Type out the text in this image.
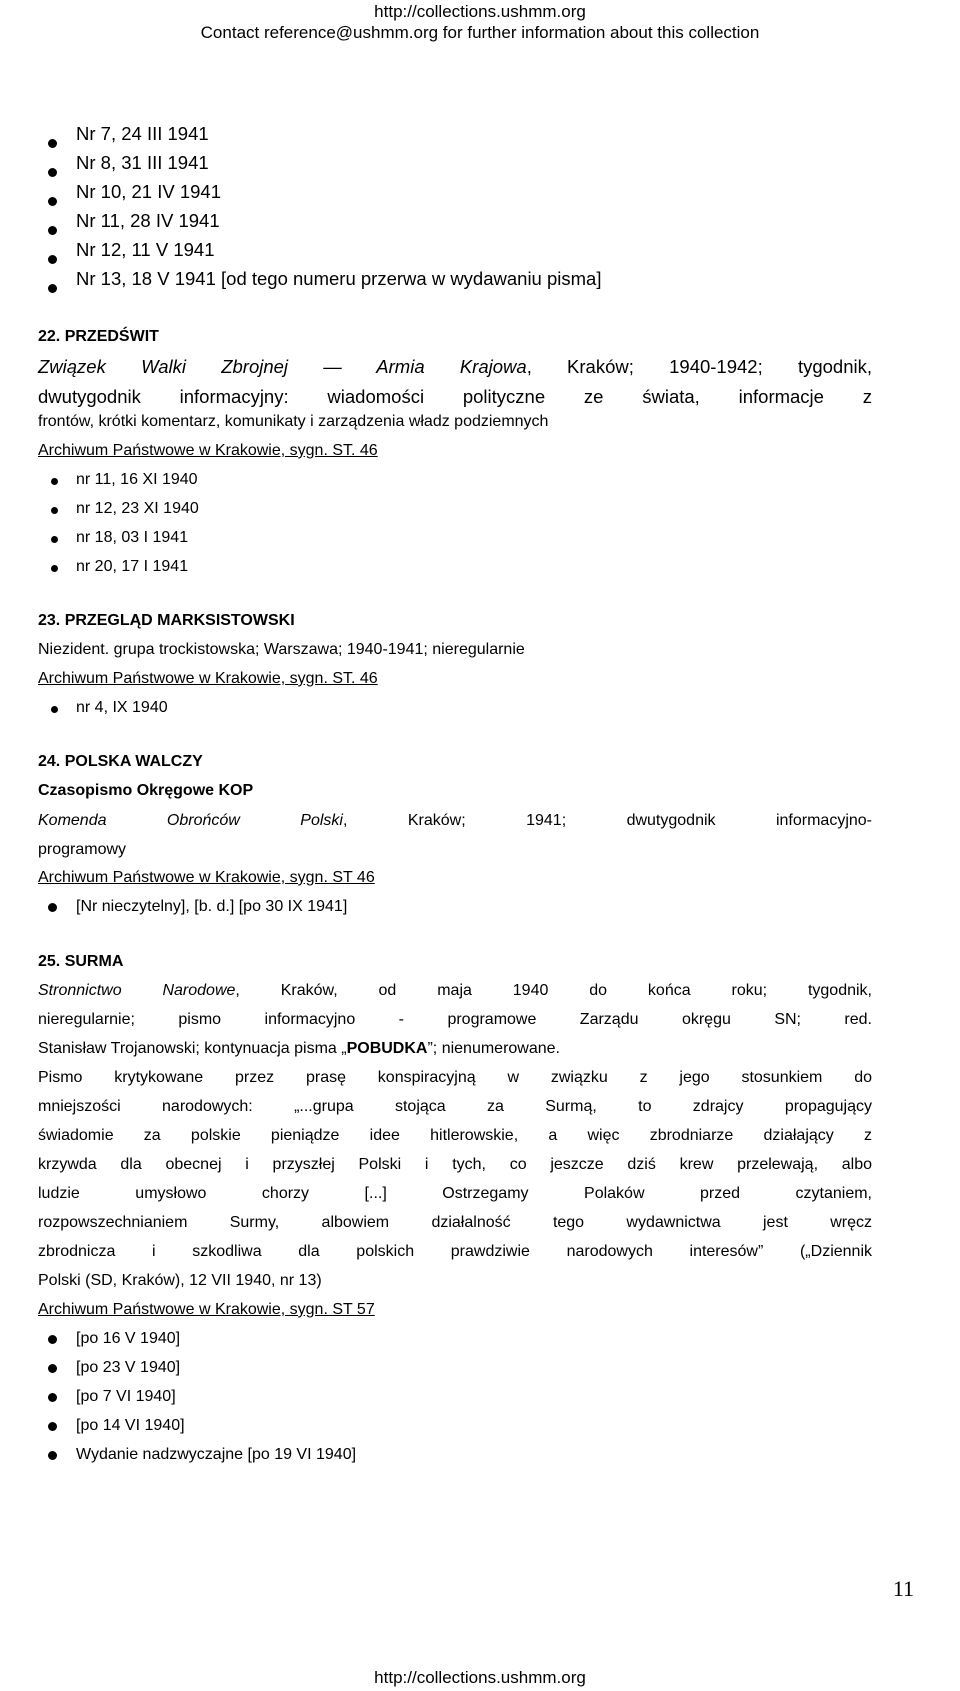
http://collections.ushmm.org
Contact reference@ushmm.org for further information about this collection
Nr 7, 24 III 1941
Nr 8, 31 III 1941
Nr 10, 21 IV 1941
Nr 11, 28 IV 1941
Nr 12, 11 V 1941
Nr 13, 18 V 1941 [od tego numeru przerwa w wydawaniu pisma]
22. PRZEDŚWIT
Związek Walki Zbrojnej — Armia Krajowa, Kraków; 1940-1942; tygodnik,
dwutygodnik informacyjny: wiadomości polityczne ze świata, informacje z
frontów, krótki komentarz, komunikaty i zarządzenia władz podziemnych
Archiwum Państwowe w Krakowie, sygn. ST. 46
nr 11, 16 XI 1940
nr 12, 23 XI 1940
nr 18, 03 I 1941
nr 20, 17 I 1941
23. PRZEGLĄD MARKSISTOWSKI
Niezident. grupa trockistowska; Warszawa; 1940-1941; nieregularnie
Archiwum Państwowe w Krakowie, sygn. ST. 46
nr 4, IX 1940
24. POLSKA WALCZY
Czasopismo Okręgowe KOP
Komenda Obrońców Polski, Kraków; 1941; dwutygodnik informacyjno-
programowy
Archiwum Państwowe w Krakowie, sygn. ST 46
[Nr nieczytelny], [b. d.] [po 30 IX 1941]
25. SURMA
Stronnictwo Narodowe, Kraków, od maja 1940 do końca roku; tygodnik,
nieregularnie; pismo informacyjno - programowe Zarządu okręgu SN; red.
Stanisław Trojanowski; kontynuacja pisma „POBUDKA”; nienumerowane.
Pismo krytykowane przez prasę konspiracyjną w związku z jego stosunkiem do
mniejszości narodowych: „...grupa stojąca za Surmą, to zdrajcy propagujący
świadomie za polskie pieniądze idee hitlerowskie, a więc zbrodniarze działający z
krzywda dla obecnej i przyszłej Polski i tych, co jeszcze dziś krew przelewają, albo
ludzie umysłowo chorzy [...] Ostrzegamy Polaków przed czytaniem,
rozpowszechnianiem Surmy, albowiem działalność tego wydawnictwa jest wręcz
zbrodnicza i szkodliwa dla polskich prawdziwie narodowych interesów” („Dziennik
Polski (SD, Kraków), 12 VII 1940, nr 13)
Archiwum Państwowe w Krakowie, sygn. ST 57
[po 16 V 1940]
[po 23 V 1940]
[po 7 VI 1940]
[po 14 VI 1940]
Wydanie nadzwyczajne [po 19 VI 1940]
11
http://collections.ushmm.org
